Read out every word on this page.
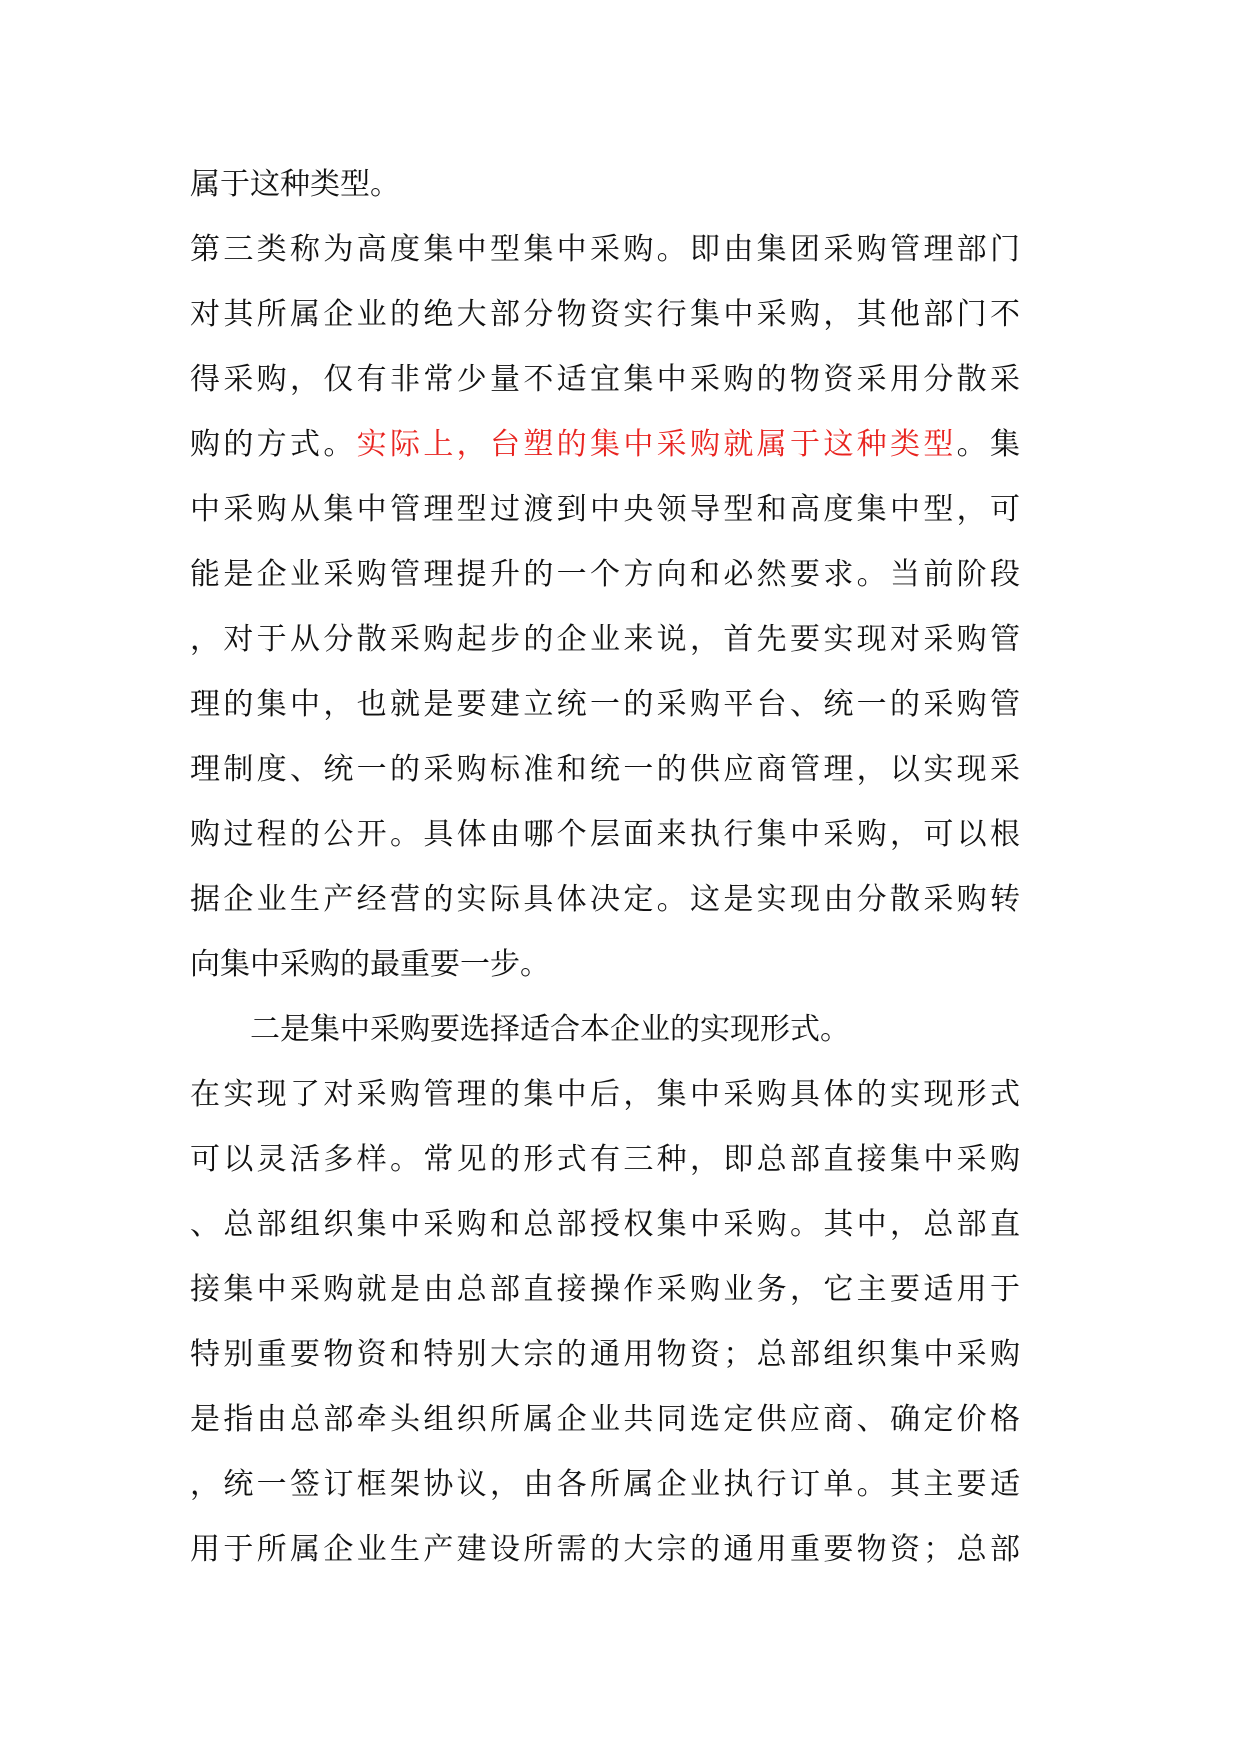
属于这种类型。
第三类称为高度集中型集中采购。即由集团采购管理部门
对其所属企业的绝大部分物资实行集中采购，其他部门不
得采购，仅有非常少量不适宜集中采购的物资采用分散采
购的方式。实际上，台塑的集中采购就属于这种类型。集
中采购从集中管理型过渡到中央领导型和高度集中型，可
能是企业采购管理提升的一个方向和必然要求。当前阶段
，对于从分散采购起步的企业来说，首先要实现对采购管
理的集中，也就是要建立统一的采购平台、统一的采购管
理制度、统一的采购标准和统一的供应商管理，以实现采
购过程的公开。具体由哪个层面来执行集中采购，可以根
据企业生产经营的实际具体决定。这是实现由分散采购转
向集中采购的最重要一步。
二是集中采购要选择适合本企业的实现形式。
在实现了对采购管理的集中后，集中采购具体的实现形式
可以灵活多样。常见的形式有三种，即总部直接集中采购
、总部组织集中采购和总部授权集中采购。其中，总部直
接集中采购就是由总部直接操作采购业务，它主要适用于
特别重要物资和特别大宗的通用物资；总部组织集中采购
是指由总部牵头组织所属企业共同选定供应商、确定价格
，统一签订框架协议，由各所属企业执行订单。其主要适
用于所属企业生产建设所需的大宗的通用重要物资；总部
